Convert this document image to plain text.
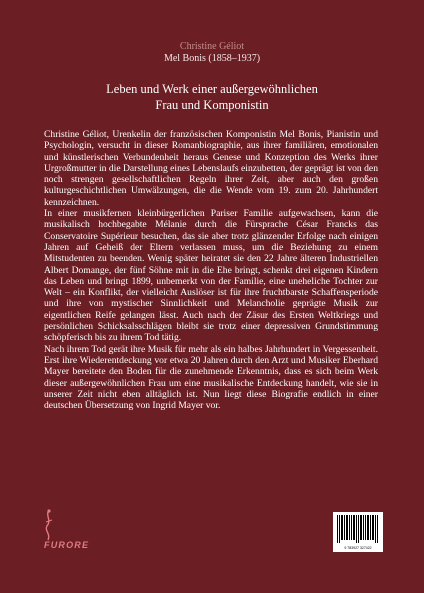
Christine Géliot

Mel Bonis (1858–1937)

Leben und Werk einer außergewöhnlichen
Frau und Komponistin

Christine Géliot, Urenkelin der französischen Komponistin Mel Bonis, Pianistin und Psychologin, versucht in dieser Romanbiographie, aus ihrer familiären, emotionalen und künstlerischen Verbundenheit heraus Genese und Konzeption des Werks ihrer Urgroßmutter in die Darstellung eines Lebenslaufs einzubetten, der geprägt ist von den noch strengen gesellschaftlichen Regeln ihrer Zeit, aber auch den großen kulturgeschichtlichen Umwälzungen, die die Wende vom 19. zum 20. Jahrhundert kennzeichnen.

In einer musikfernen kleinbürgerlichen Pariser Familie aufgewachsen, kann die musikalisch hochbegabte Mélanie durch die Fürsprache César Francks das Conservatoire Supérieur besuchen, das sie aber trotz glänzender Erfolge nach einigen Jahren auf Geheiß der Eltern verlassen muss, um die Beziehung zu einem Mitstudenten zu beenden. Wenig später heiratet sie den 22 Jahre älteren Industriellen Albert Domange, der fünf Söhne mit in die Ehe bringt, schenkt drei eigenen Kindern das Leben und bringt 1899, unbemerkt von der Familie, eine uneheliche Tochter zur Welt – ein Konflikt, der vielleicht Auslöser ist für ihre fruchtbarste Schaffensperiode und ihre von mystischer Sinnlichkeit und Melancholie geprägte Musik zur eigentlichen Reife gelangen lässt. Auch nach der Zäsur des Ersten Weltkriegs und persönlichen Schicksalsschlägen bleibt sie trotz einer depressiven Grundstimmung schöpferisch bis zu ihrem Tod tätig.

Nach ihrem Tod gerät ihre Musik für mehr als ein halbes Jahrhundert in Vergessenheit. Erst ihre Wiederentdeckung vor etwa 20 Jahren durch den Arzt und Musiker Eberhard Mayer bereitete den Boden für die zunehmende Erkenntnis, dass es sich beim Werk dieser außergewöhnlichen Frau um eine musikalische Entdeckung handelt, wie sie in unserer Zeit nicht eben alltäglich ist. Nun liegt diese Biografie endlich in einer deutschen Übersetzung von Ingrid Mayer vor.

FURORE	9 783927 327422
